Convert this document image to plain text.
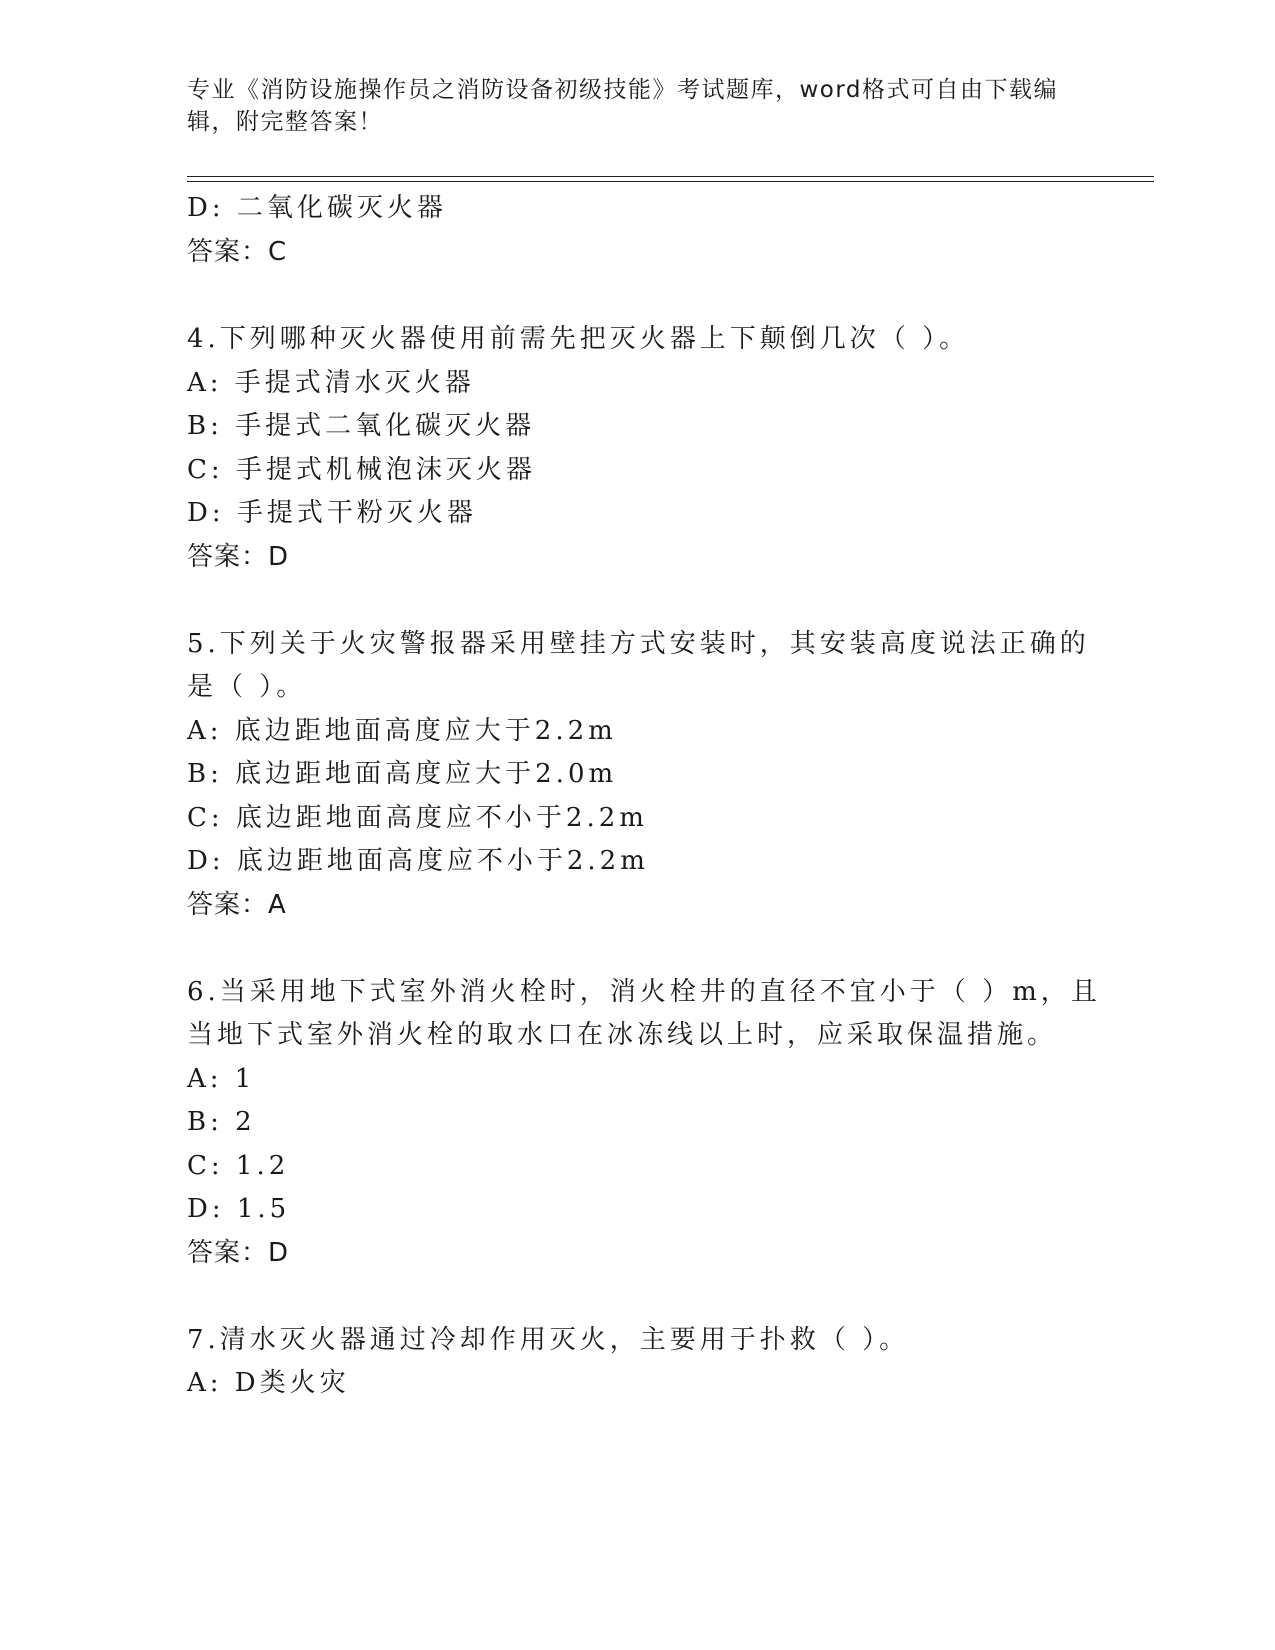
专业《消防设施操作员之消防设备初级技能》考试题库，word格式可自由下载编
辑，附完整答案！
D: 二氧化碳灭火器
答案：C
4.下列哪种灭火器使用前需先把灭火器上下颠倒几次（ ）。
A: 手提式清水灭火器
B: 手提式二氧化碳灭火器
C: 手提式机械泡沫灭火器
D: 手提式干粉灭火器
答案：D
5.下列关于火灾警报器采用壁挂方式安装时，其安装高度说法正确的
是（ ）。
A: 底边距地面高度应大于2.2m
B: 底边距地面高度应大于2.0m
C: 底边距地面高度应不小于2.2m
D: 底边距地面高度应不小于2.2m
答案：A
6.当采用地下式室外消火栓时，消火栓井的直径不宜小于（ ）m，且
当地下式室外消火栓的取水口在冰冻线以上时，应采取保温措施。
A: 1
B: 2
C: 1.2
D: 1.5
答案：D
7.清水灭火器通过冷却作用灭火，主要用于扑救（ ）。
A: D类火灾
